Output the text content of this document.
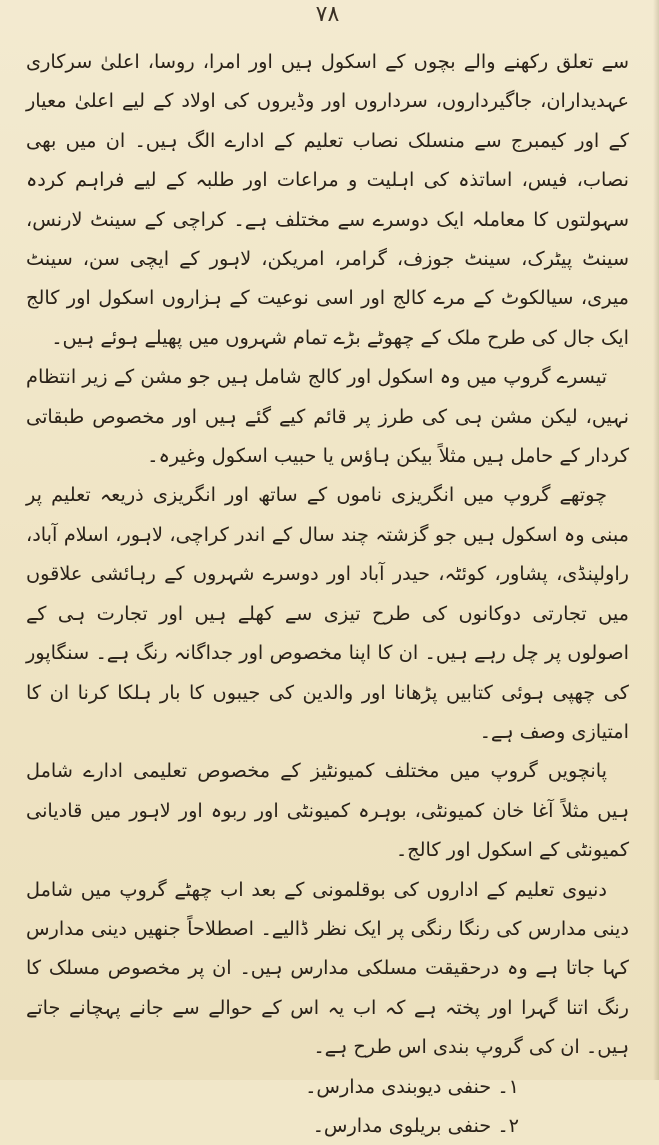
۷۸

سے تعلق رکھنے والے بچوں کے اسکول ہیں اور امرا، روسا، اعلیٰ سرکاری عہدیداران، جاگیرداروں، سرداروں اور وڈیروں کی اولاد کے لیے اعلیٰ معیار کے اور کیمبرج سے منسلک نصاب تعلیم کے ادارے الگ ہیں۔ ان میں بھی نصاب، فیس، اساتذہ کی اہلیت و مراعات اور طلبہ کے لیے فراہم کردہ سہولتوں کا معاملہ ایک دوسرے سے مختلف ہے۔ کراچی کے سینٹ لارنس، سینٹ پیٹرک، سینٹ جوزف، گرامر، امریکن، لاہور کے ایچی سن، سینٹ میری، سیالکوٹ کے مرے کالج اور اسی نوعیت کے ہزاروں اسکول اور کالج ایک جال کی طرح ملک کے چھوٹے بڑے تمام شہروں میں پھیلے ہوئے ہیں۔

تیسرے گروپ میں وہ اسکول اور کالج شامل ہیں جو مشن کے زیر انتظام نہیں، لیکن مشن ہی کی طرز پر قائم کیے گئے ہیں اور مخصوص طبقاتی کردار کے حامل ہیں مثلاً بیکن ہاؤس یا حبیب اسکول وغیرہ۔

چوتھے گروپ میں انگریزی ناموں کے ساتھ اور انگریزی ذریعہ تعلیم پر مبنی وہ اسکول ہیں جو گزشتہ چند سال کے اندر کراچی، لاہور، اسلام آباد، راولپنڈی، پشاور، کوئٹہ، حیدر آباد اور دوسرے شہروں کے رہائشی علاقوں میں تجارتی دوکانوں کی طرح تیزی سے کھلے ہیں اور تجارت ہی کے اصولوں پر چل رہے ہیں۔ ان کا اپنا مخصوص اور جداگانہ رنگ ہے۔ سنگاپور کی چھپی ہوئی کتابیں پڑھانا اور والدین کی جیبوں کا بار ہلکا کرنا ان کا امتیازی وصف ہے۔

پانچویں گروپ میں مختلف کمیونٹیز کے مخصوص تعلیمی ادارے شامل ہیں مثلاً آغا خان کمیونٹی، بوہرہ کمیونٹی اور ربوہ اور لاہور میں قادیانی کمیونٹی کے اسکول اور کالج۔

دنیوی تعلیم کے اداروں کی بوقلمونی کے بعد اب چھٹے گروپ میں شامل دینی مدارس کی رنگا رنگی پر ایک نظر ڈالیے۔ اصطلاحاً جنھیں دینی مدارس کہا جاتا ہے وہ درحقیقت مسلکی مدارس ہیں۔ ان پر مخصوص مسلک کا رنگ اتنا گہرا اور پختہ ہے کہ اب یہ اس کے حوالے سے جانے پہچانے جاتے ہیں۔ ان کی گروپ بندی اس طرح ہے۔

۱۔ حنفی دیوبندی مدارس۔
۲۔ حنفی بریلوی مدارس۔
